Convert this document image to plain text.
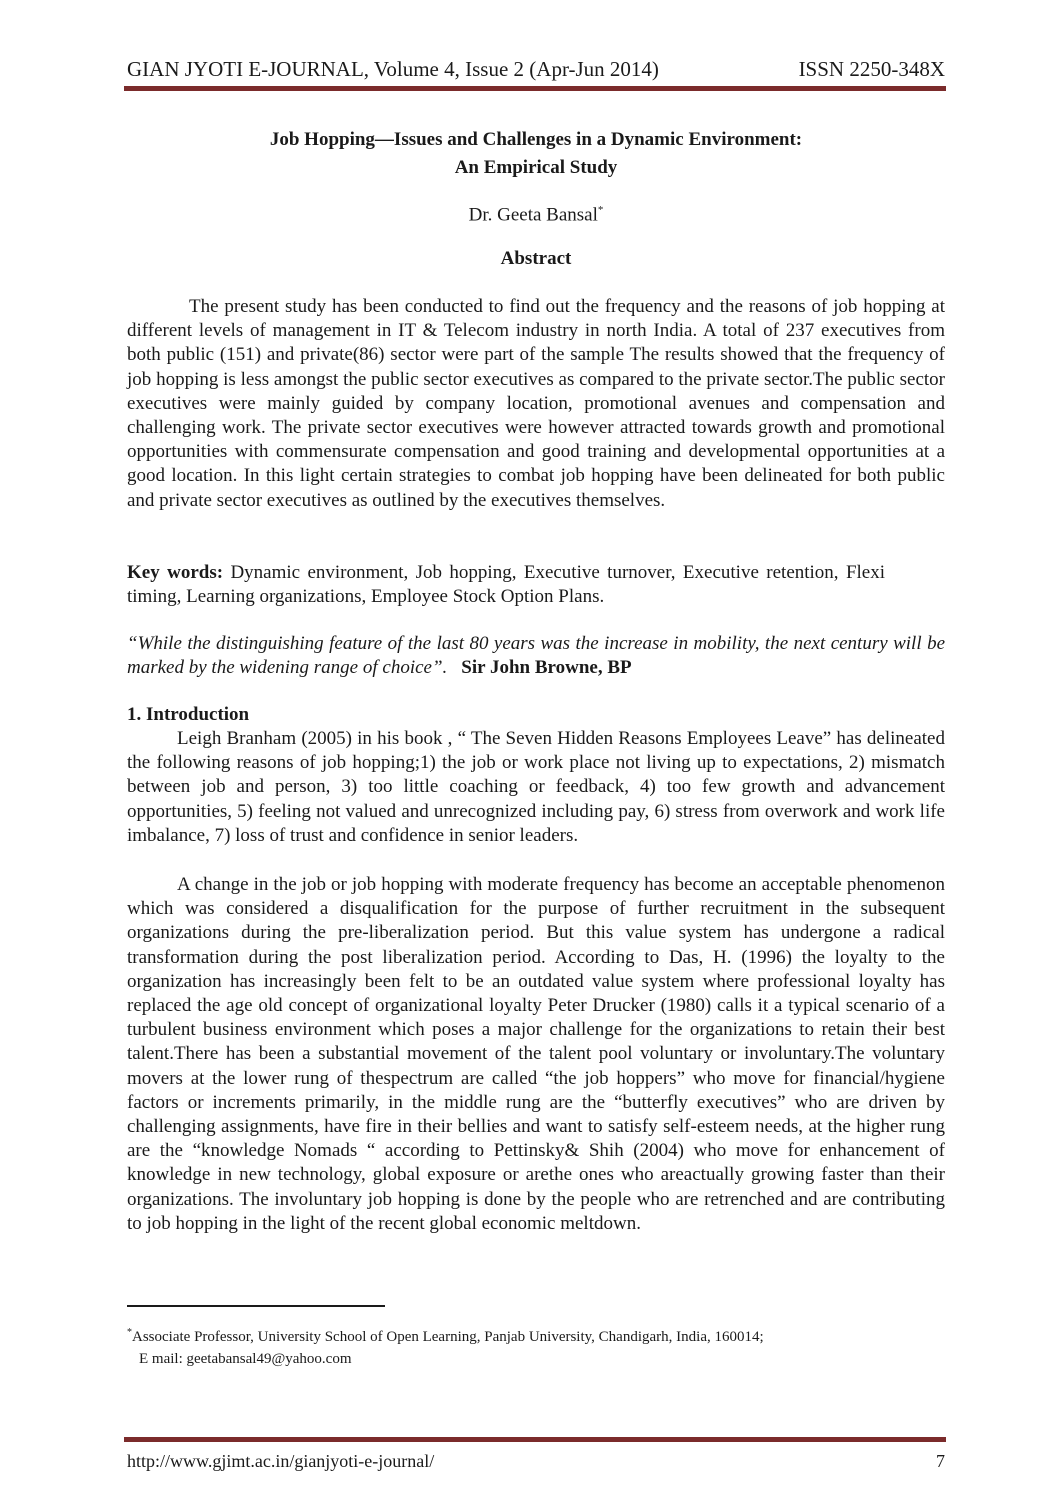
GIAN JYOTI E-JOURNAL, Volume 4, Issue 2 (Apr-Jun 2014)	ISSN 2250-348X
Job Hopping—Issues and Challenges in a Dynamic Environment:
An Empirical Study
Dr. Geeta Bansal*
Abstract

The present study has been conducted to find out the frequency and the reasons of job hopping at different levels of management in IT & Telecom industry in north India. A total of 237 executives from both public (151) and private(86) sector were part of the sample The results showed that the frequency of job hopping is less amongst the public sector executives as compared to the private sector.The public sector executives were mainly guided by company location, promotional avenues and compensation and challenging work. The private sector executives were however attracted towards growth and promotional opportunities with commensurate compensation and good training and developmental opportunities at a good location. In this light certain strategies to combat job hopping have been delineated for both public and private sector executives as outlined by the executives themselves.

Key words: Dynamic environment, Job hopping, Executive turnover, Executive retention, Flexi timing, Learning organizations, Employee Stock Option Plans.

“While the distinguishing feature of the last 80 years was the increase in mobility, the next century will be marked by the widening range of choice”. Sir John Browne, BP

1. Introduction

Leigh Branham (2005) in his book , “ The Seven Hidden Reasons Employees Leave” has delineated the following reasons of job hopping;1) the job or work place not living up to expectations, 2) mismatch between job and person, 3) too little coaching or feedback, 4) too few growth and advancement opportunities, 5) feeling not valued and unrecognized including pay, 6) stress from overwork and work life imbalance, 7) loss of trust and confidence in senior leaders.

A change in the job or job hopping with moderate frequency has become an acceptable phenomenon which was considered a disqualification for the purpose of further recruitment in the subsequent organizations during the pre-liberalization period. But this value system has undergone a radical transformation during the post liberalization period. According to Das, H. (1996) the loyalty to the organization has increasingly been felt to be an outdated value system where professional loyalty has replaced the age old concept of organizational loyalty Peter Drucker (1980) calls it a typical scenario of a turbulent business environment which poses a major challenge for the organizations to retain their best talent.There has been a substantial movement of the talent pool voluntary or involuntary.The voluntary movers at the lower rung of thespectrum are called “the job hoppers” who move for financial/hygiene factors or increments primarily, in the middle rung are the “butterfly executives” who are driven by challenging assignments, have fire in their bellies and want to satisfy self-esteem needs, at the higher rung are the “knowledge Nomads “ according to Pettinsky& Shih (2004) who move for enhancement of knowledge in new technology, global exposure or arethe ones who areactually growing faster than their organizations. The involuntary job hopping is done by the people who are retrenched and are contributing to job hopping in the light of the recent global economic meltdown.

*Associate Professor, University School of Open Learning, Panjab University, Chandigarh, India, 160014;
E mail: geetabansal49@yahoo.com
http://www.gjimt.ac.in/gianjyoti-e-journal/	7
